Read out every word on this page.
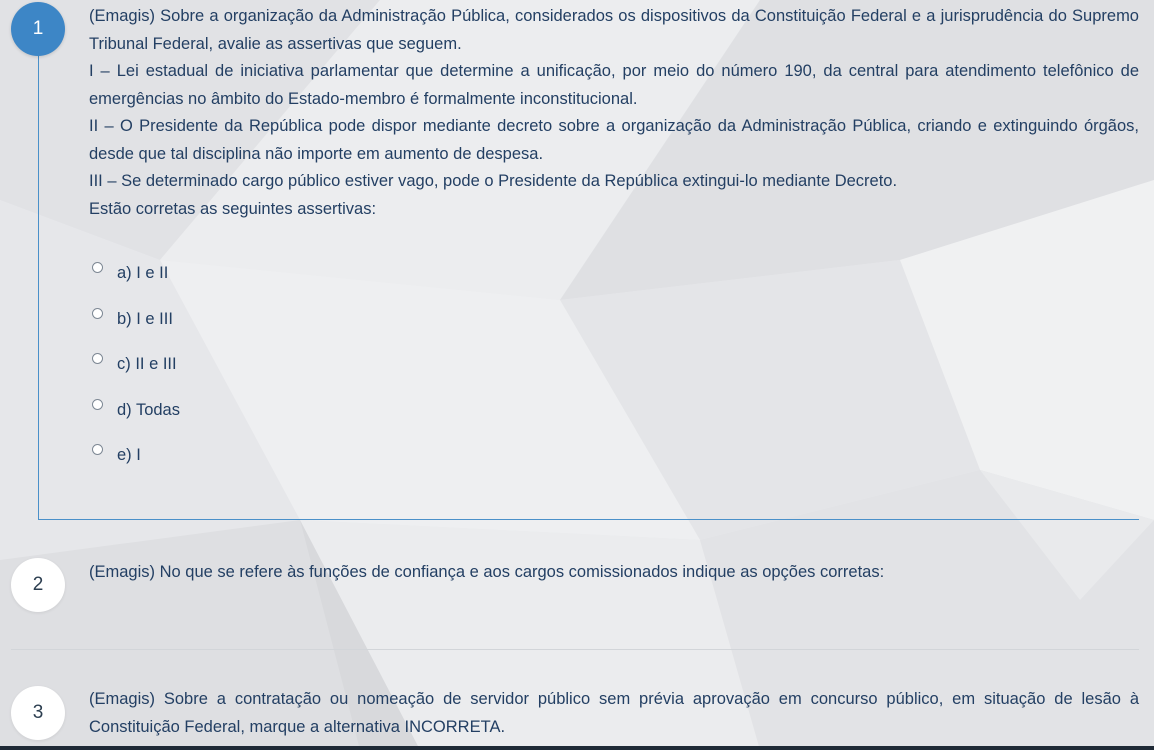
1

(Emagis) Sobre a organização da Administração Pública, considerados os dispositivos da Constituição Federal e a jurisprudência do Supremo Tribunal Federal, avalie as assertivas que seguem.

I – Lei estadual de iniciativa parlamentar que determine a unificação, por meio do número 190, da central para atendimento telefônico de emergências no âmbito do Estado-membro é formalmente inconstitucional.

II – O Presidente da República pode dispor mediante decreto sobre a organização da Administração Pública, criando e extinguindo órgãos, desde que tal disciplina não importe em aumento de despesa.

III – Se determinado cargo público estiver vago, pode o Presidente da República extingui-lo mediante Decreto.

Estão corretas as seguintes assertivas:

a) I e II
b) I e III
c) II e III
d) Todas
e) I
2

(Emagis) No que se refere às funções de confiança e aos cargos comissionados indique as opções corretas:

3

(Emagis) Sobre a contratação ou nomeação de servidor público sem prévia aprovação em concurso público, em situação de lesão à Constituição Federal, marque a alternativa INCORRETA.
